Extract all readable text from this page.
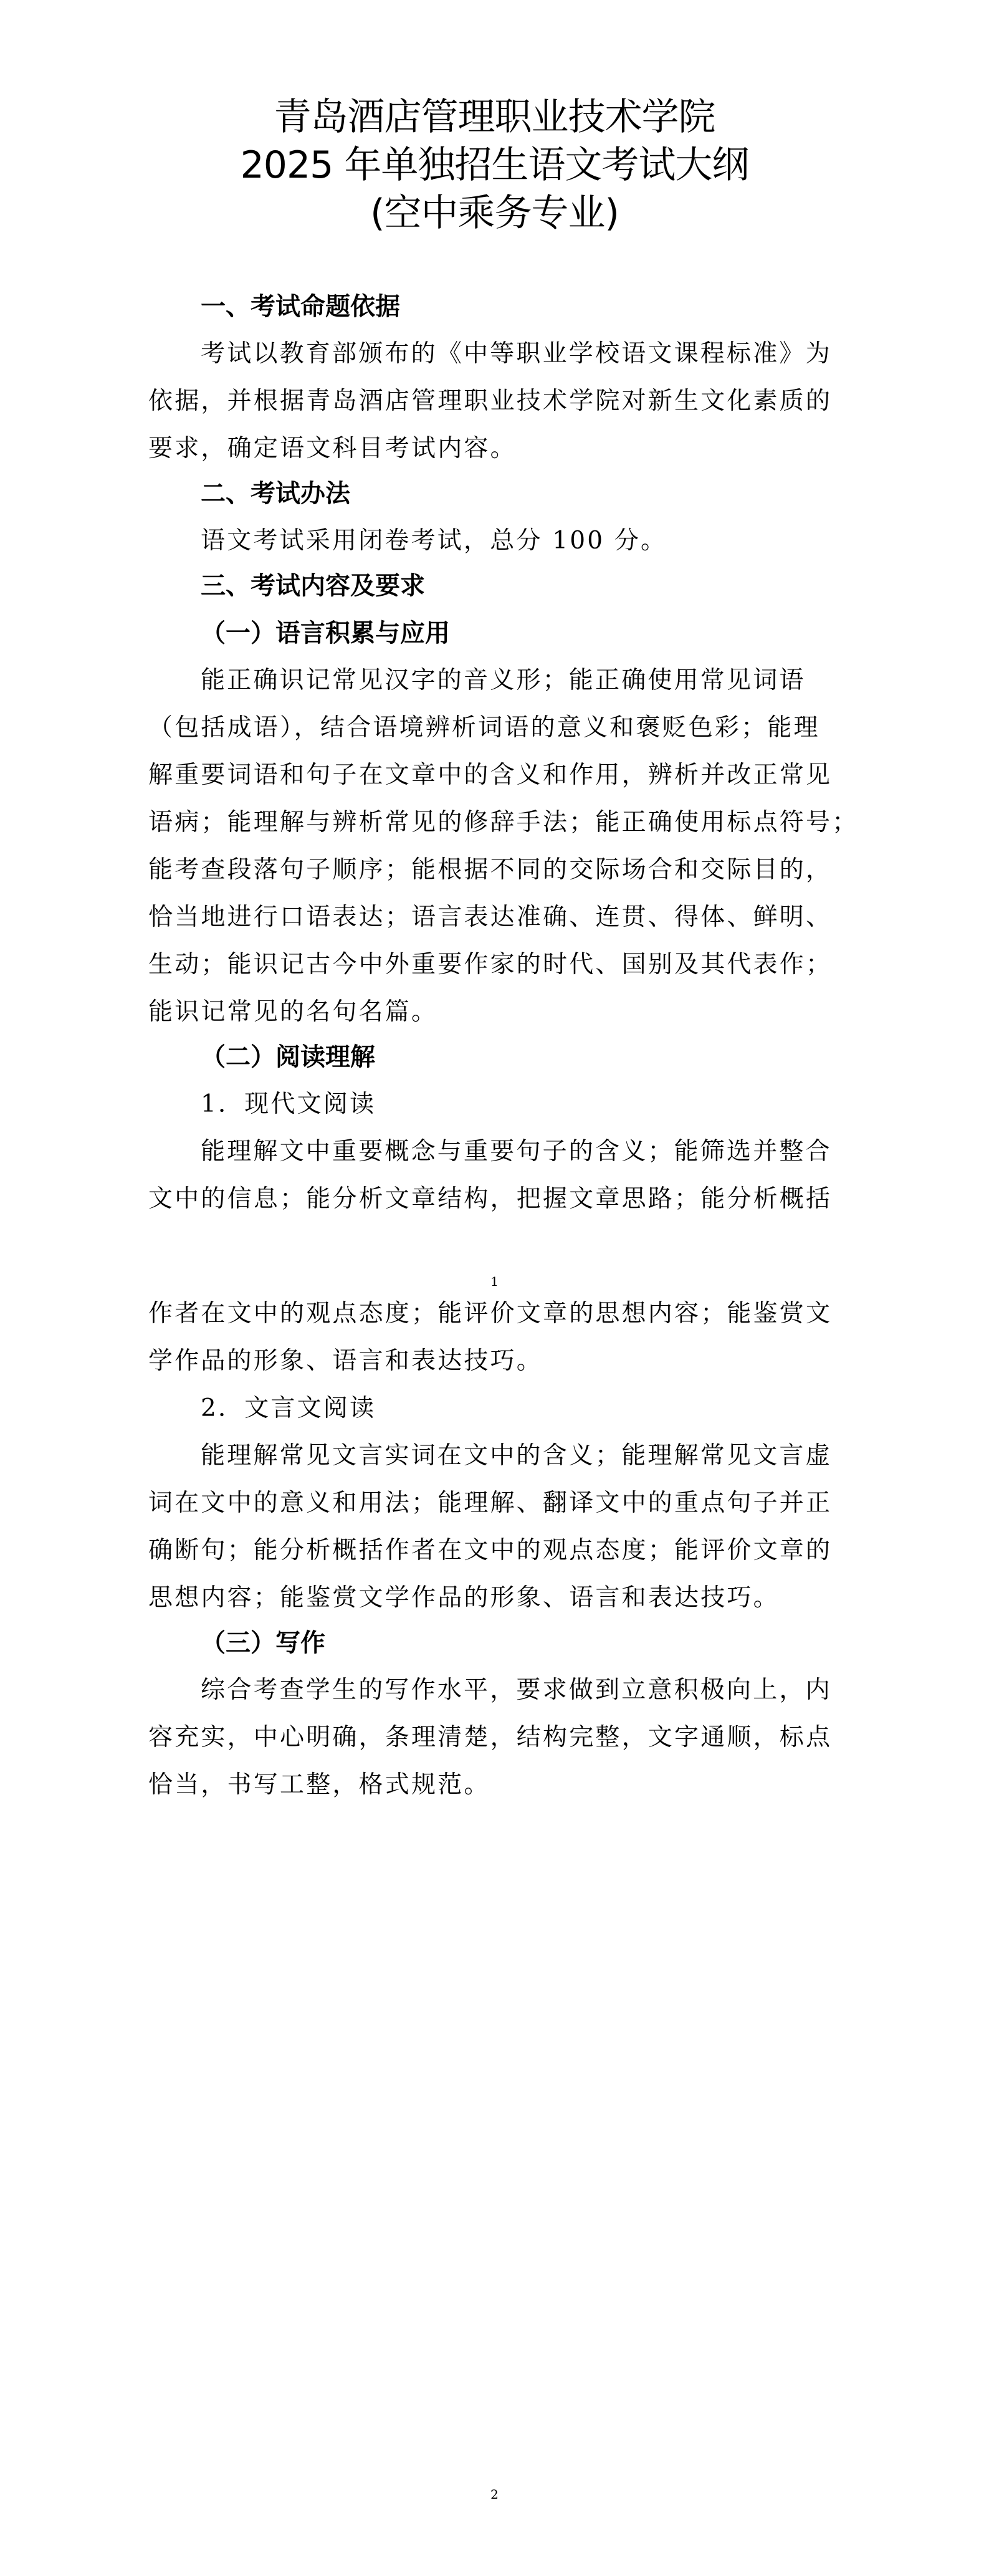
青岛酒店管理职业技术学院
2025 年单独招生语文考试大纲
(空中乘务专业)
一、考试命题依据
考试以教育部颁布的《中等职业学校语文课程标准》为
依据，并根据青岛酒店管理职业技术学院对新生文化素质的
要求，确定语文科目考试内容。
二、考试办法
语文考试采用闭卷考试，总分 100 分。
三、考试内容及要求
（一）语言积累与应用
能正确识记常见汉字的音义形；能正确使用常见词语
（包括成语），结合语境辨析词语的意义和褒贬色彩；能理
解重要词语和句子在文章中的含义和作用，辨析并改正常见
语病；能理解与辨析常见的修辞手法；能正确使用标点符号；
能考查段落句子顺序；能根据不同的交际场合和交际目的，
恰当地进行口语表达；语言表达准确、连贯、得体、鲜明、
生动；能识记古今中外重要作家的时代、国别及其代表作；
能识记常见的名句名篇。
（二）阅读理解
1．现代文阅读
能理解文中重要概念与重要句子的含义；能筛选并整合
文中的信息；能分析文章结构，把握文章思路；能分析概括
1
作者在文中的观点态度；能评价文章的思想内容；能鉴赏文
学作品的形象、语言和表达技巧。
2．文言文阅读
能理解常见文言实词在文中的含义；能理解常见文言虚
词在文中的意义和用法；能理解、翻译文中的重点句子并正
确断句；能分析概括作者在文中的观点态度；能评价文章的
思想内容；能鉴赏文学作品的形象、语言和表达技巧。
（三）写作
综合考查学生的写作水平，要求做到立意积极向上，内
容充实，中心明确，条理清楚，结构完整，文字通顺，标点
恰当，书写工整，格式规范。
2
